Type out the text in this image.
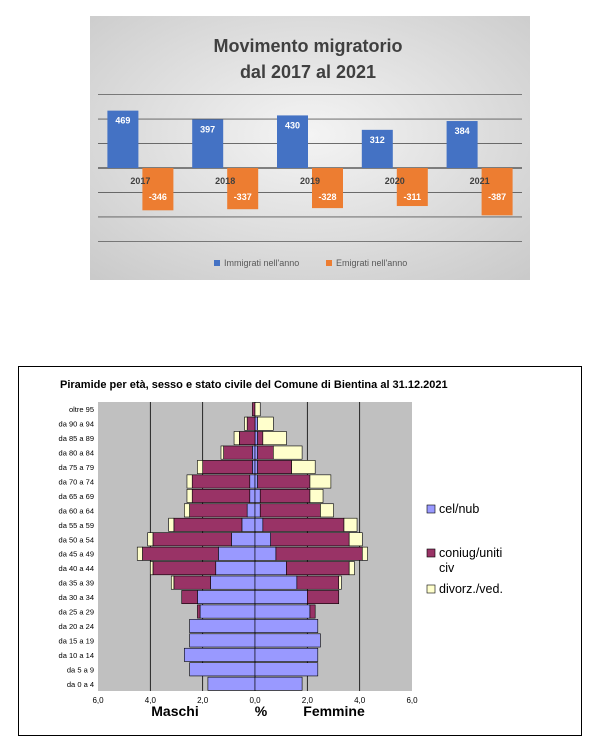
Movimento migratorio
dal 2017 al 2021
469
-346
2017
397
-337
2018
430
-328
2019
312
-311
2020
384
-387
2021
Immigrati nell'anno	Emigrati nell'anno
Piramide per età, sesso e stato civile del Comune di Bientina al 31.12.2021
6,0	4,0	2,0	0,0	2,0	4,0	6,0
Maschi	%	Femmine
da 0 a 4
da 5 a 9
da 10 a 14
da 15 a 19
da 20 a 24
da 25 a 29
da 30 a 34
da 35 a 39
da 40 a 44
da 45 a 49
da 50 a 54
da 55 a 59
da 60 a 64
da 65 a 69
da 70 a 74
da 75 a 79
da 80 a 84
da 85 a 89
da 90 a 94
oltre 95
cel/nub
coniug/uniti
civ
divorz./ved.
